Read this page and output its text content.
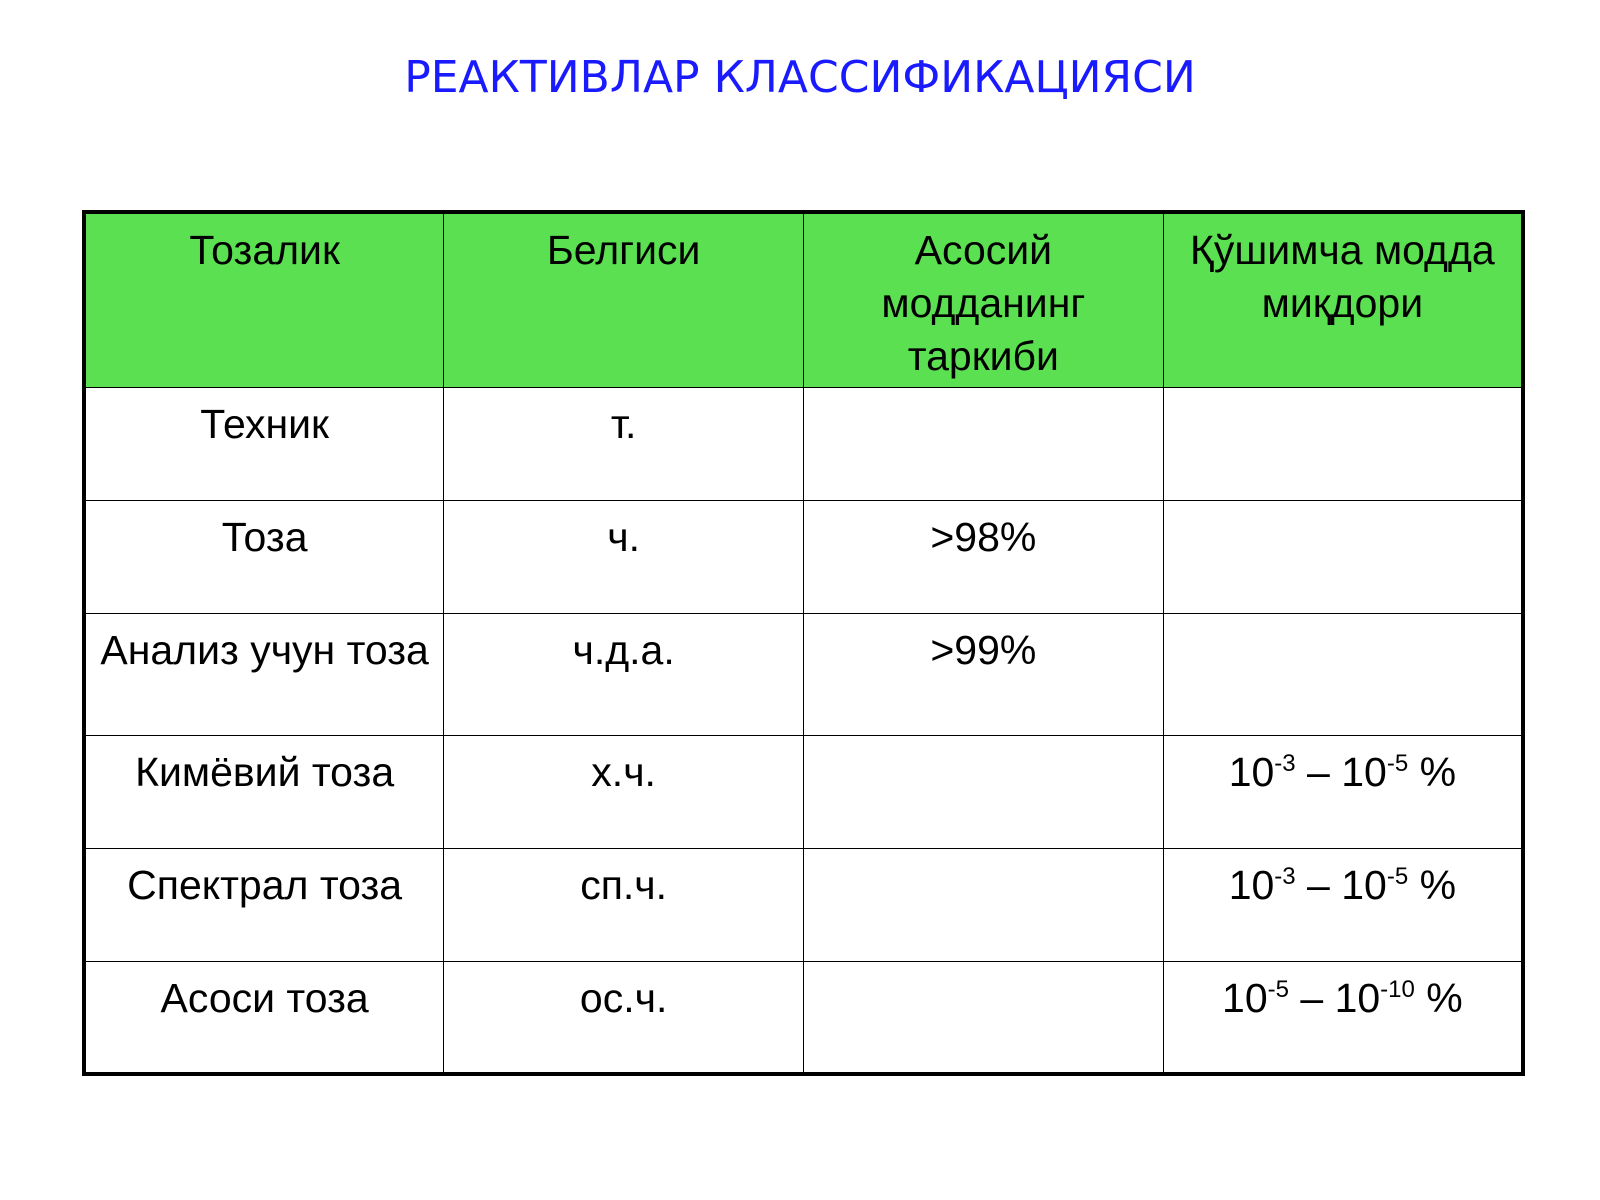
РЕАКТИВЛАР КЛАССИФИКАЦИЯСИ
Тозалик	Белгиси	Асосий модданинг таркиби	Қўшимча модда миқдори
Техник	т.		
Тоза	ч.	>98%	
Анализ учун тоза	ч.д.а.	>99%	
Кимёвий тоза	х.ч.		$10^{-3} - 10^{-5}$ %
Спектрал тоза	сп.ч.		$10^{-3} - 10^{-5}$ %
Асоси тоза	ос.ч.		$10^{-5} - 10^{-10}$ %
